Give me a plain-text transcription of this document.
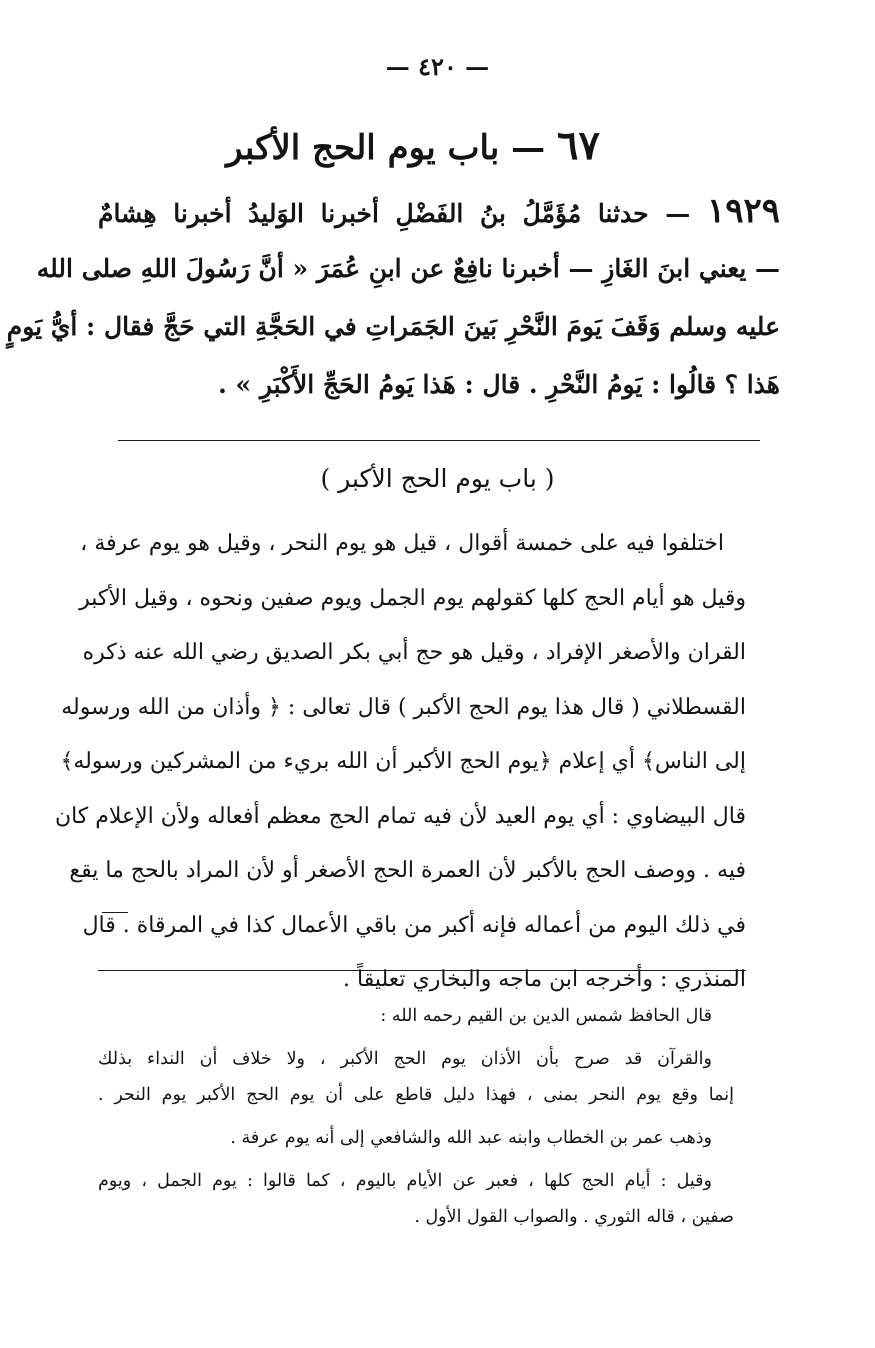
— ٤٢٠ —
٦٧ — باب يوم الحج الأكبر
١٩٢٩ — حدثنا مُؤَمَّلُ بنُ الفَضْلِ أخبرنا الوَليدُ أخبرنا هِشامٌ
— يعني ابنَ الغَازِ — أخبرنا نافِعٌ عن ابنِ عُمَرَ « أنَّ رَسُولَ اللهِ صلى الله
عليه وسلم وَقَفَ يَومَ النَّحْرِ بَينَ الجَمَراتِ في الحَجَّةِ التي حَجَّ فقال : أيُّ يَومٍ
هَذا ؟ قالُوا : يَومُ النَّحْرِ . قال : هَذا يَومُ الحَجِّ الأَكْبَرِ » .
( باب يوم الحج الأكبر )
اختلفوا فيه على خمسة أقوال ، قيل هو يوم النحر ، وقيل هو يوم عرفة ،
وقيل هو أيام الحج كلها كقولهم يوم الجمل ويوم صفين ونحوه ، وقيل الأكبر
القران والأصغر الإفراد ، وقيل هو حج أبي بكر الصديق رضي الله عنه ذكره
القسطلاني ( قال هذا يوم الحج الأكبر ) قال تعالى : ﴿ وأذان من الله ورسوله
إلى الناس﴾ أي إعلام ﴿يوم الحج الأكبر أن الله بريء من المشركين ورسوله﴾
قال البيضاوي : أي يوم العيد لأن فيه تمام الحج معظم أفعاله ولأن الإعلام كان
فيه . ووصف الحج بالأكبر لأن العمرة الحج الأصغر أو لأن المراد بالحج ما يقع
في ذلك اليوم من أعماله فإنه أكبر من باقي الأعمال كذا في المرقاة . قال
المنذري : وأخرجه ابن ماجه والبخاري تعليقاً .
قال الحافظ شمس الدين بن القيم رحمه الله :
والقرآن قد صرح بأن الأذان يوم الحج الأكبر ، ولا خلاف أن النداء بذلك
إنما وقع يوم النحر بمنى ، فهذا دليل قاطع على أن يوم الحج الأكبر يوم النحر .
وذهب عمر بن الخطاب وابنه عبد الله والشافعي إلى أنه يوم عرفة .
وقيل : أيام الحج كلها ، فعبر عن الأيام باليوم ، كما قالوا : يوم الجمل ، ويوم
صفين ، قاله الثوري . والصواب القول الأول .
